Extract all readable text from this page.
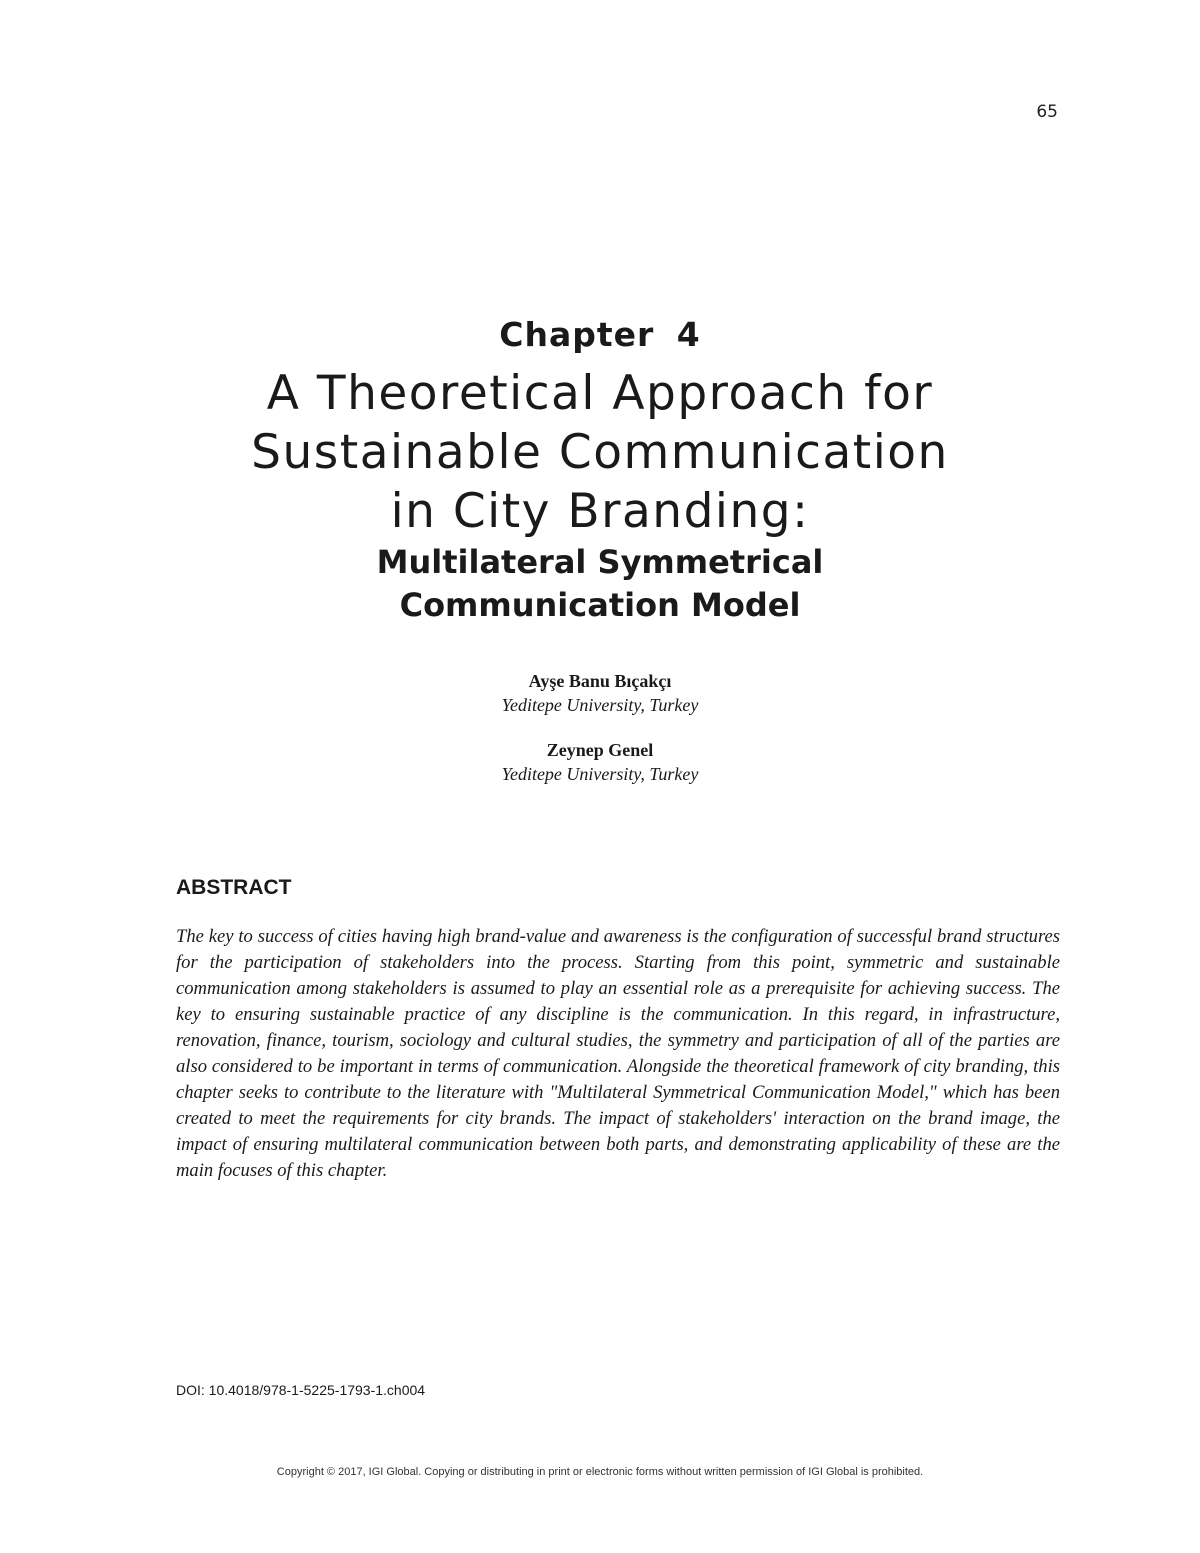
65

Chapter 4

A Theoretical Approach for
Sustainable Communication
in City Branding:
Multilateral Symmetrical
Communication Model
Ayşe Banu Bıçakçı
Yeditepe University, Turkey
Zeynep Genel
Yeditepe University, Turkey
ABSTRACT

The key to success of cities having high brand-value and awareness is the configuration of successful brand structures for the participation of stakeholders into the process. Starting from this point, symmetric and sustainable communication among stakeholders is assumed to play an essential role as a prerequisite for achieving success. The key to ensuring sustainable practice of any discipline is the communication. In this regard, in infrastructure, renovation, finance, tourism, sociology and cultural studies, the symmetry and participation of all of the parties are also considered to be important in terms of communication. Alongside the theoretical framework of city branding, this chapter seeks to contribute to the literature with "Multilateral Symmetrical Communication Model," which has been created to meet the requirements for city brands. The impact of stakeholders' interaction on the brand image, the impact of ensuring multilateral communication between both parts, and demonstrating applicability of these are the main focuses of this chapter.

DOI: 10.4018/978-1-5225-1793-1.ch004
Copyright © 2017, IGI Global. Copying or distributing in print or electronic forms without written permission of IGI Global is prohibited.
